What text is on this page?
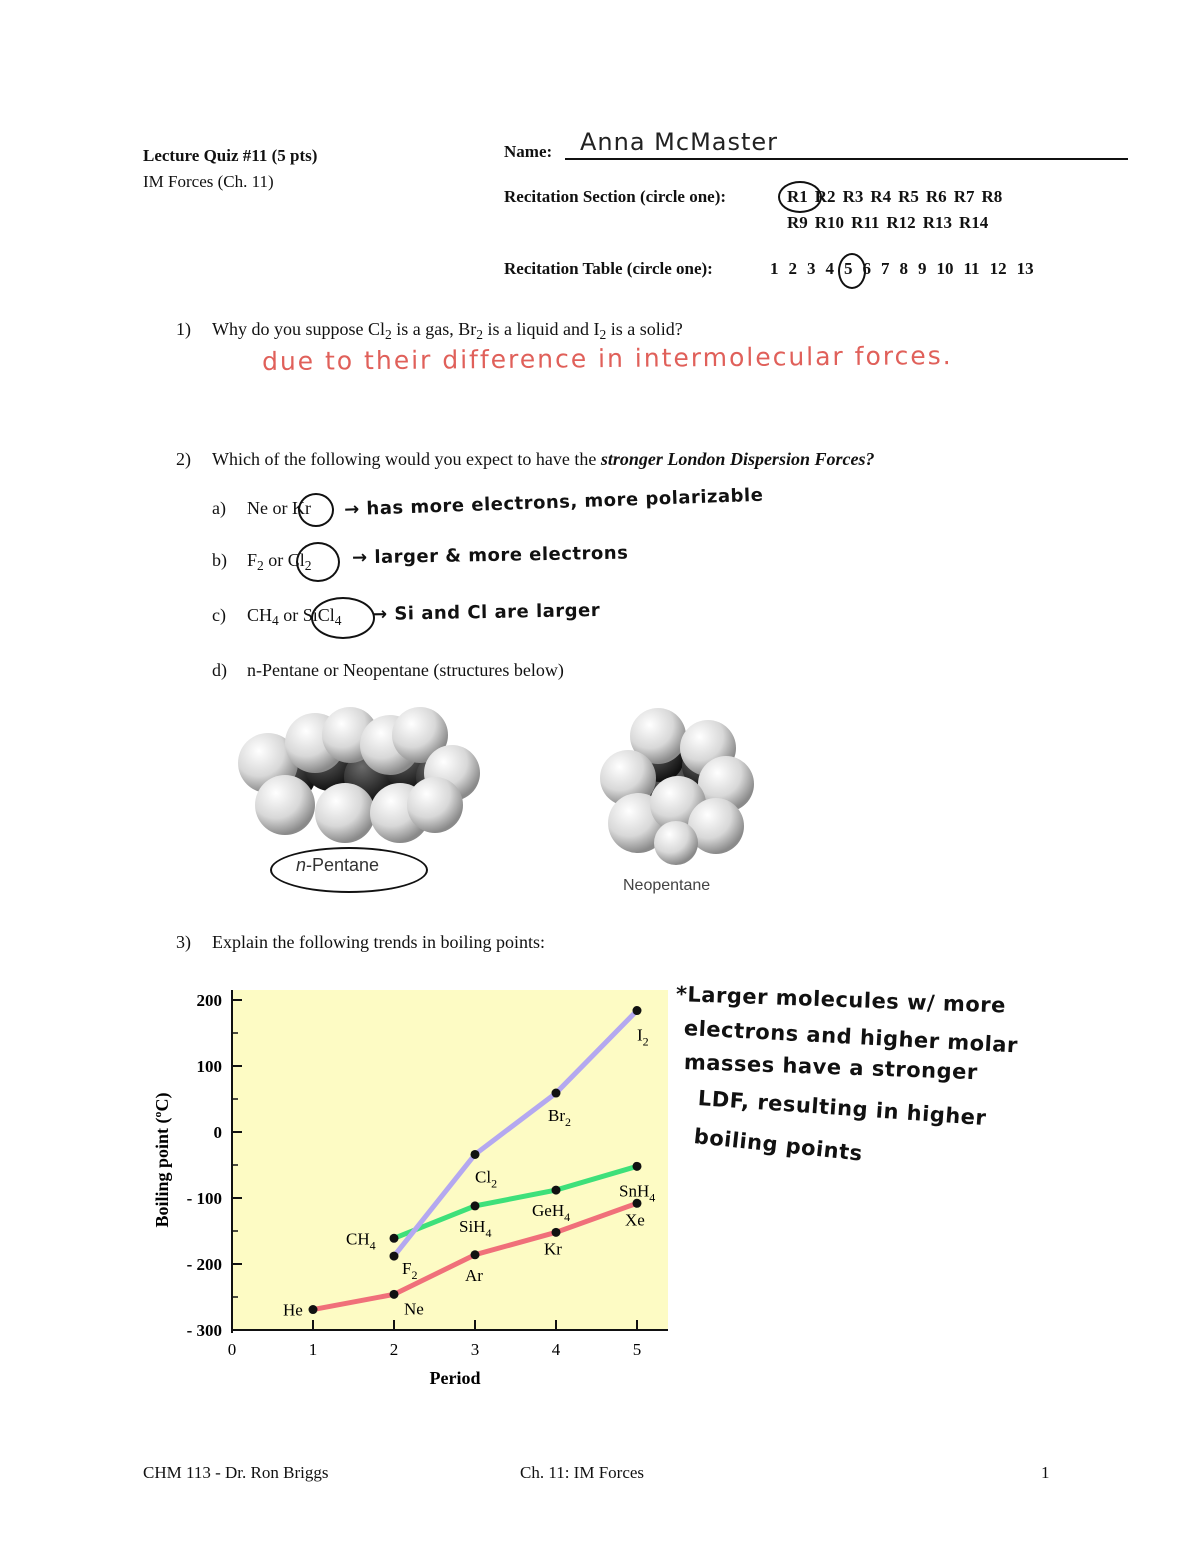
Lecture Quiz #11 (5 pts)
IM Forces (Ch. 11)
Name: Anna McMaster
Recitation Section (circle one):	R1 R2 R3 R4 R5 R6 R7 R8
R9 R10 R11 R12 R13 R14
Recitation Table (circle one):	1 2 3 4 5 6 7 8 9 10 11 12 13
1) Why do you suppose $Cl_2$ is a gas, $Br_2$ is a liquid and $I_2$ is a solid?
due to their difference in intermolecular forces.
2) Which of the following would you expect to have the stronger London Dispersion Forces?
a) Ne or Kr → has more electrons, more polarizable
b) $F_2$ or $Cl_2$ → larger & more electrons
c) $CH_4$ or SiCl$_4$ → Si and Cl are larger
d) n-Pentane or Neopentane (structures below)
n-Pentane
Neopentane
3) Explain the following trends in boiling points:
200
100
0
- 100
- 200
- 300
0	1	2	3	4	5
He	Ne
Ar
Kr
Xe
$CH_4$
SiH$_4$
GeH$_4$
SnH$_4$
$F_2$
$Cl_2$
$Br_2$
$I_2$
Period
Boiling point (ºC)
*Larger molecules w/ more
electrons and higher molar
masses have a stronger
LDF, resulting in higher
boiling points
CHM 113 - Dr. Ron Briggs	Ch. 11: IM Forces	1
